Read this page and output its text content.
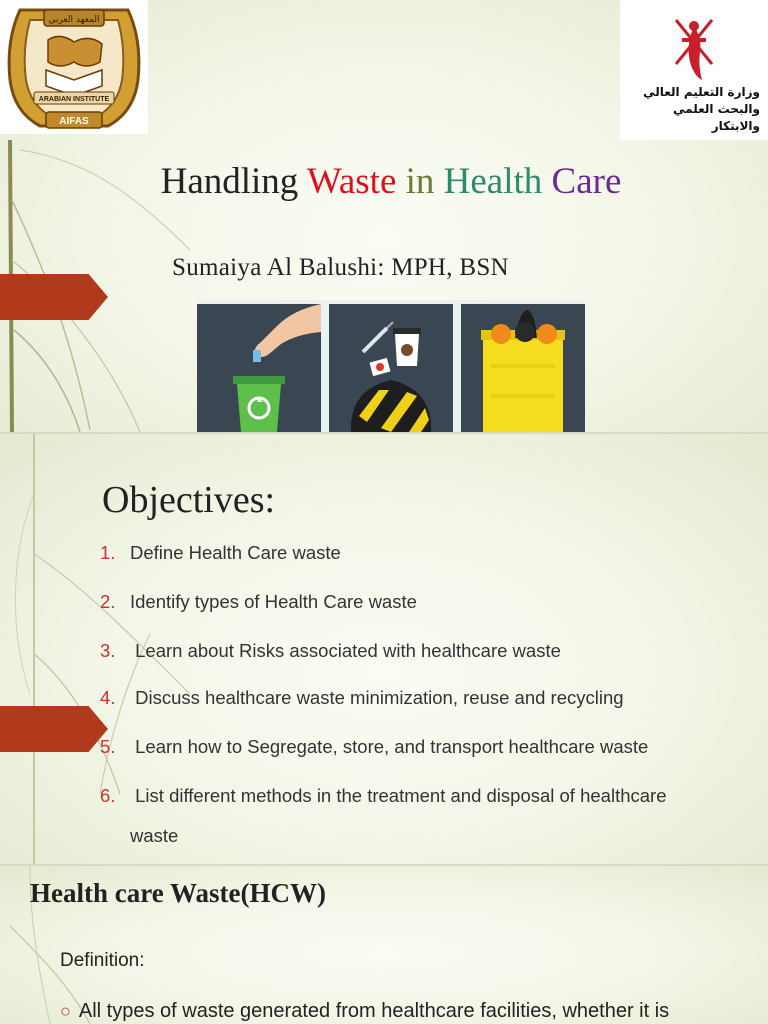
المعهد العربي
ARABIAN INSTITUTE
AIFAS
وزارة التعليم العالي
والبحث العلمي والابتكار
Handling Waste in Health Care
Sumaiya Al Balushi: MPH, BSN
Objectives:
1. Define Health Care waste
2. Identify types of Health Care waste
3. Learn about Risks associated with healthcare waste
4. Discuss healthcare waste minimization, reuse and recycling
5. Learn how to Segregate, store, and transport healthcare waste
6. List different methods in the treatment and disposal of healthcare
waste
Health care Waste(HCW)
Definition:
○ All types of waste generated from healthcare facilities, whether it is
